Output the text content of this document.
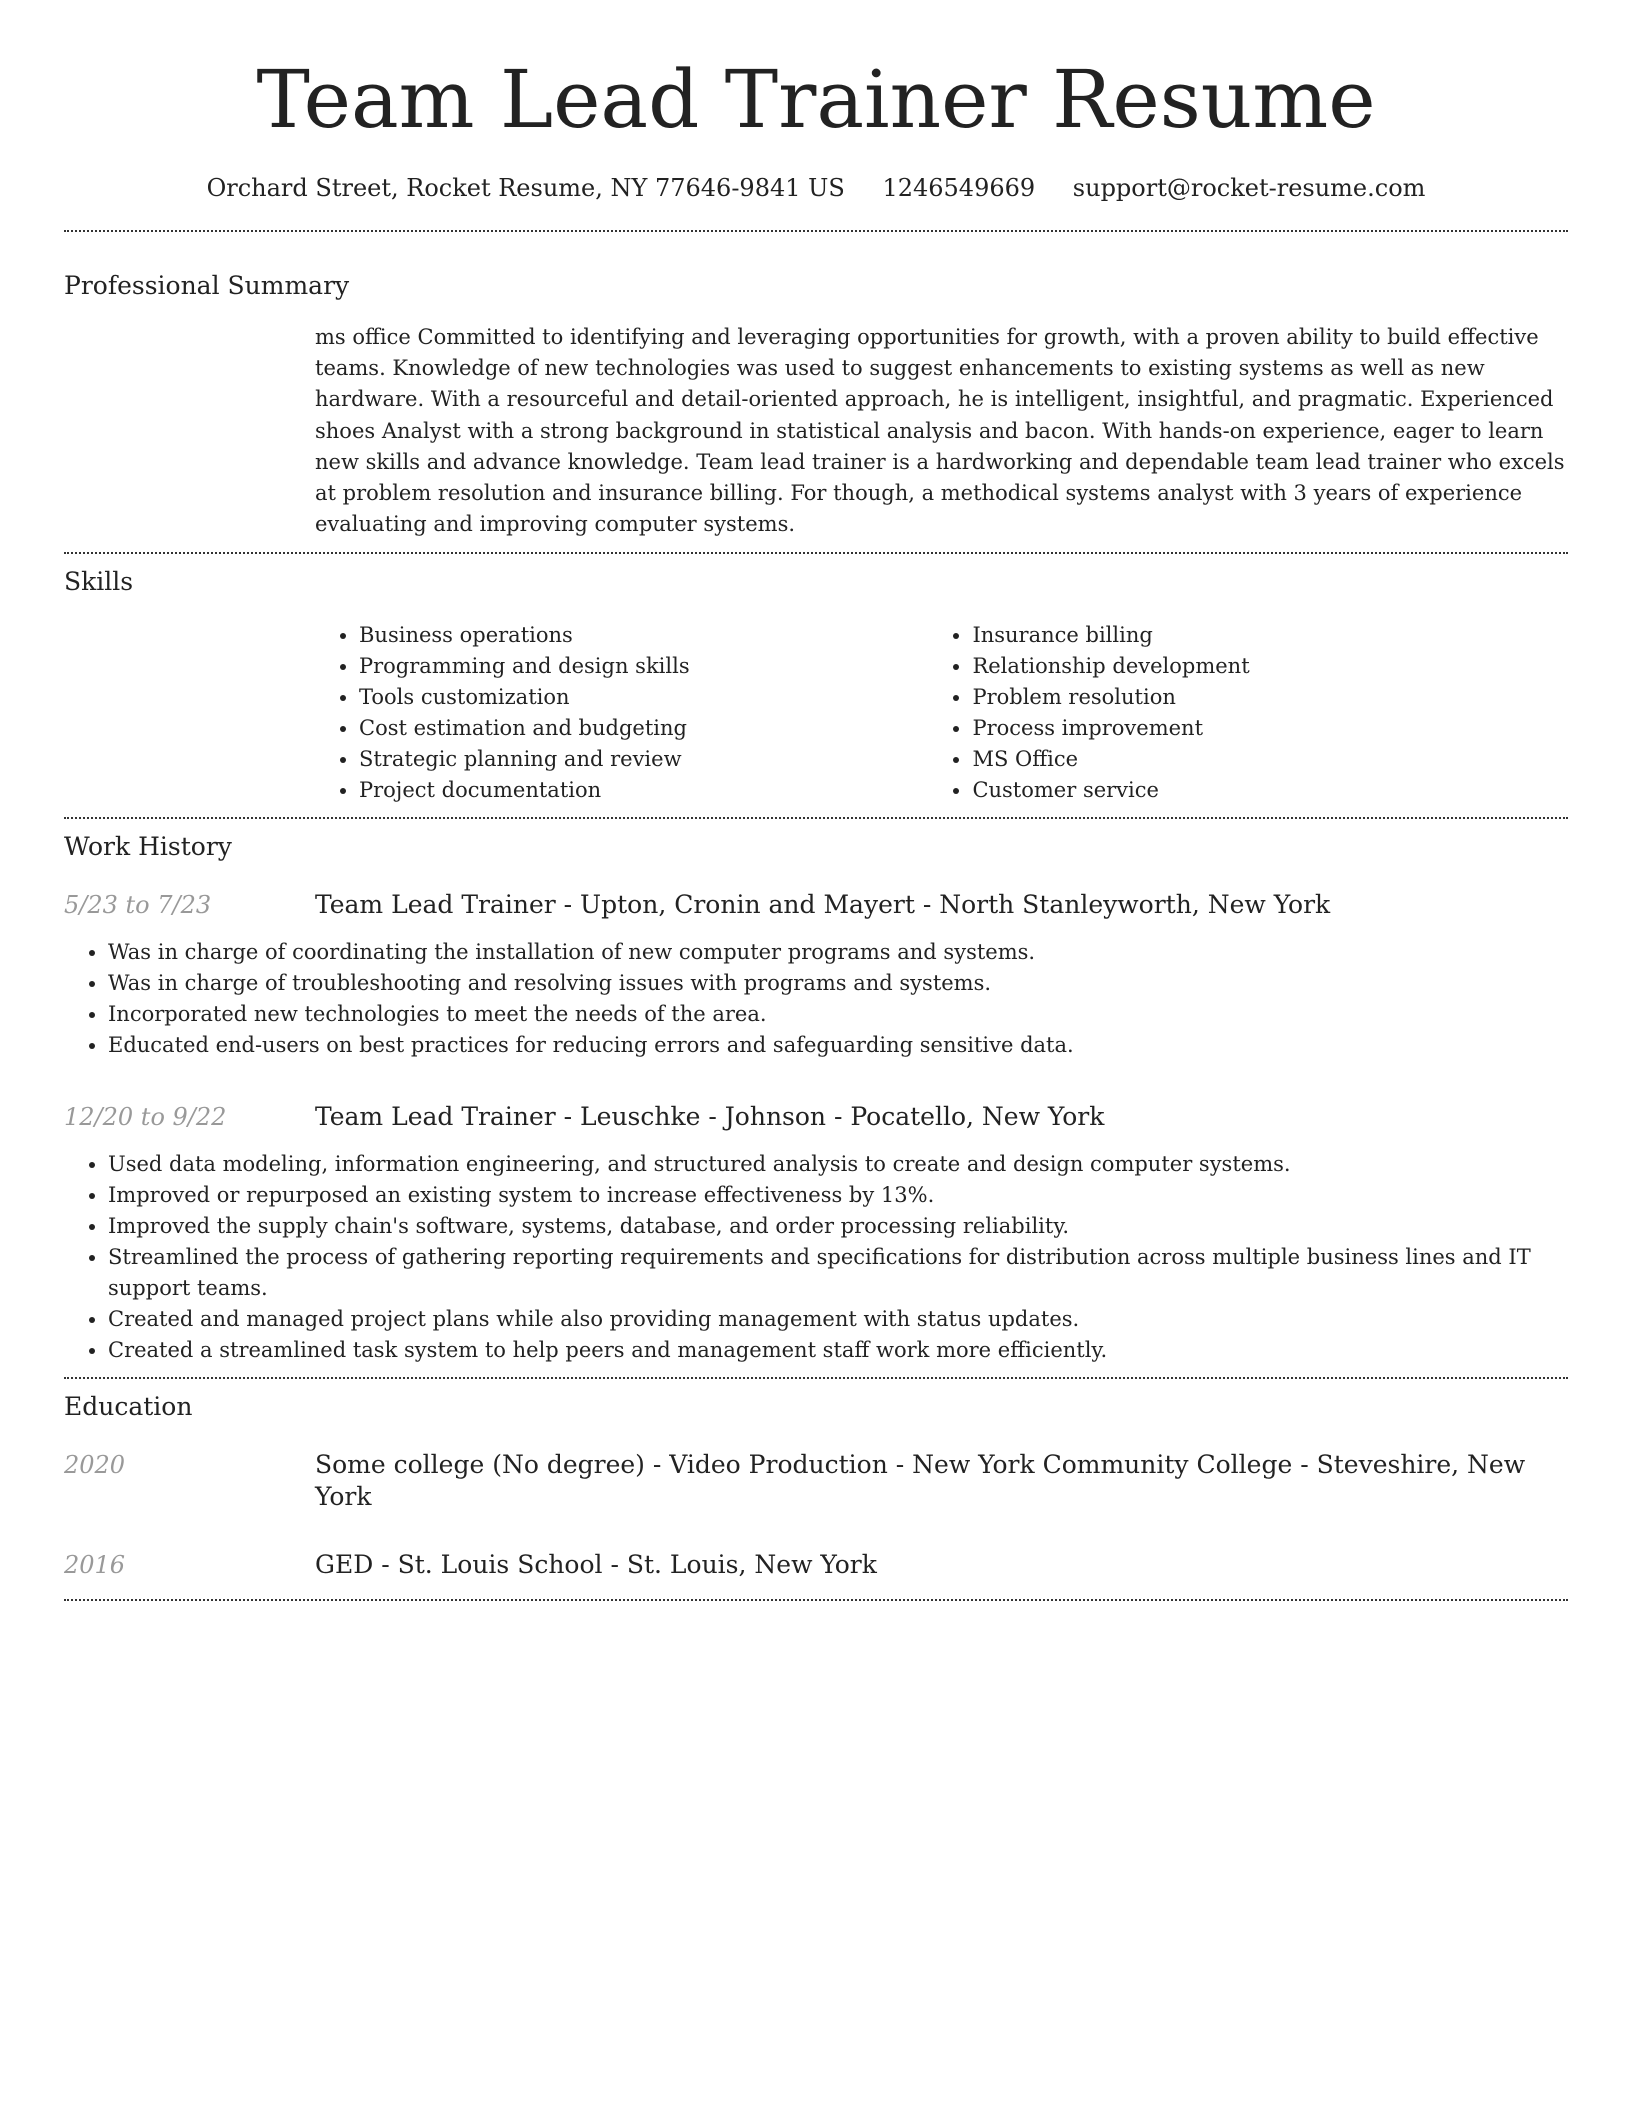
Team Lead Trainer Resume
Orchard Street, Rocket Resume, NY 77646-9841 US 1246549669 support@rocket-resume.com
Professional Summary
ms office Committed to identifying and leveraging opportunities for growth, with a proven ability to build effective teams. Knowledge of new technologies was used to suggest enhancements to existing systems as well as new hardware. With a resourceful and detail-oriented approach, he is intelligent, insightful, and pragmatic. Experienced shoes Analyst with a strong background in statistical analysis and bacon. With hands-on experience, eager to learn new skills and advance knowledge. Team lead trainer is a hardworking and dependable team lead trainer who excels at problem resolution and insurance billing. For though, a methodical systems analyst with 3 years of experience evaluating and improving computer systems.
Skills
• Business operations
• Programming and design skills
• Tools customization
• Cost estimation and budgeting
• Strategic planning and review
• Project documentation
• Insurance billing
• Relationship development
• Problem resolution
• Process improvement
• MS Office
• Customer service
Work History
5/23 to 7/23	Team Lead Trainer - Upton, Cronin and Mayert - North Stanleyworth, New York
• Was in charge of coordinating the installation of new computer programs and systems.
• Was in charge of troubleshooting and resolving issues with programs and systems.
• Incorporated new technologies to meet the needs of the area.
• Educated end-users on best practices for reducing errors and safeguarding sensitive data.
12/20 to 9/22	Team Lead Trainer - Leuschke - Johnson - Pocatello, New York
• Used data modeling, information engineering, and structured analysis to create and design computer systems.
• Improved or repurposed an existing system to increase effectiveness by 13%.
• Improved the supply chain's software, systems, database, and order processing reliability.
• Streamlined the process of gathering reporting requirements and specifications for distribution across multiple business lines and IT support teams.
• Created and managed project plans while also providing management with status updates.
• Created a streamlined task system to help peers and management staff work more efficiently.
Education
2020	Some college (No degree) - Video Production - New York Community College - Steveshire, New York
2016	GED - St. Louis School - St. Louis, New York
